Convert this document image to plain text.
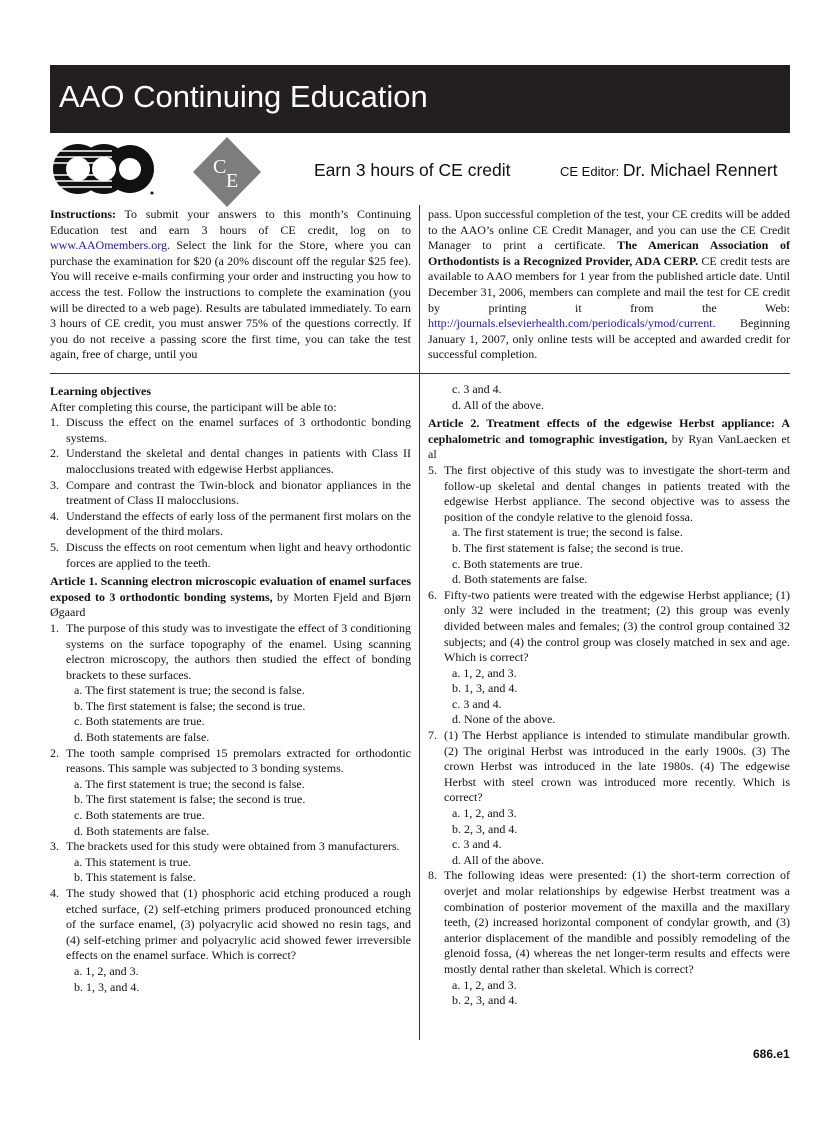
AAO Continuing Education
C
E	Earn 3 hours of CE credit	CE Editor: Dr. Michael Rennert
Instructions: To submit your answers to this month’s Continuing Education test and earn 3 hours of CE credit, log on to www.AAOmembers.org. Select the link for the Store, where you can purchase the examination for $20 (a 20% discount off the regular $25 fee). You will receive e-mails confirming your order and instructing you how to access the test. Follow the instructions to complete the examination (you will be directed to a web page). Results are tabulated immediately. To earn 3 hours of CE credit, you must answer 75% of the questions correctly. If you do not receive a passing score the first time, you can take the test again, free of charge, until you
pass. Upon successful completion of the test, your CE credits will be added to the AAO’s online CE Credit Manager, and you can use the CE Credit Manager to print a certificate. The American Association of Orthodontists is a Recognized Provider, ADA CERP. CE credit tests are available to AAO members for 1 year from the published article date. Until December 31, 2006, members can complete and mail the test for CE credit by printing it from the Web: http://journals.elsevierhealth.com/periodicals/ymod/current. Beginning January 1, 2007, only online tests will be accepted and awarded credit for successful completion.
Learning objectives
After completing this course, the participant will be able to:
1.Discuss the effect on the enamel surfaces of 3 orthodontic bonding systems.
2.Understand the skeletal and dental changes in patients with Class II malocclusions treated with edgewise Herbst appliances.
3.Compare and contrast the Twin-block and bionator appliances in the treatment of Class II malocclusions.
4.Understand the effects of early loss of the permanent first molars on the development of the third molars.
5.Discuss the effects on root cementum when light and heavy orthodontic forces are applied to the teeth.
Article 1. Scanning electron microscopic evaluation of enamel surfaces exposed to 3 orthodontic bonding systems, by Morten Fjeld and Bjørn Øgaard
1. The purpose of this study was to investigate the effect of 3 conditioning systems on the surface topography of the enamel. Using scanning electron microscopy, the authors then studied the effect of bonding brackets to these surfaces.
a. The first statement is true; the second is false.
b. The first statement is false; the second is true.
c. Both statements are true.
d. Both statements are false.
2. The tooth sample comprised 15 premolars extracted for orthodontic reasons. This sample was subjected to 3 bonding systems.
a. The first statement is true; the second is false.
b. The first statement is false; the second is true.
c. Both statements are true.
d. Both statements are false.
3. The brackets used for this study were obtained from 3 manufacturers.
a. This statement is true.
b. This statement is false.
4. The study showed that (1) phosphoric acid etching produced a rough etched surface, (2) self-etching primers produced pronounced etching of the surface enamel, (3) polyacrylic acid showed no resin tags, and (4) self-etching primer and polyacrylic acid showed fewer irreversible effects on the enamel surface. Which is correct?
a. 1, 2, and 3.
b. 1, 3, and 4.
c. 3 and 4.
d. All of the above.
Article 2. Treatment effects of the edgewise Herbst appliance: A cephalometric and tomographic investigation, by Ryan VanLaecken et al
5. The first objective of this study was to investigate the short-term and follow-up skeletal and dental changes in patients treated with the edgewise Herbst appliance. The second objective was to assess the position of the condyle relative to the glenoid fossa.
a. The first statement is true; the second is false.
b. The first statement is false; the second is true.
c. Both statements are true.
d. Both statements are false.
6. Fifty-two patients were treated with the edgewise Herbst appliance; (1) only 32 were included in the treatment; (2) this group was evenly divided between males and females; (3) the control group contained 32 subjects; and (4) the control group was closely matched in sex and age. Which is correct?
a. 1, 2, and 3.
b. 1, 3, and 4.
c. 3 and 4.
d. None of the above.
7. (1) The Herbst appliance is intended to stimulate mandibular growth. (2) The original Herbst was introduced in the early 1900s. (3) The crown Herbst was introduced in the late 1980s. (4) The edgewise Herbst with steel crown was introduced more recently. Which is correct?
a. 1, 2, and 3.
b. 2, 3, and 4.
c. 3 and 4.
d. All of the above.
8. The following ideas were presented: (1) the short-term correction of overjet and molar relationships by edgewise Herbst treatment was a combination of posterior movement of the maxilla and the maxillary teeth, (2) increased horizontal component of condylar growth, and (3) anterior displacement of the mandible and possibly remodeling of the glenoid fossa, (4) whereas the net longer-term results and effects were mostly dental rather than skeletal. Which is correct?
a. 1, 2, and 3.
b. 2, 3, and 4.
686.e1
